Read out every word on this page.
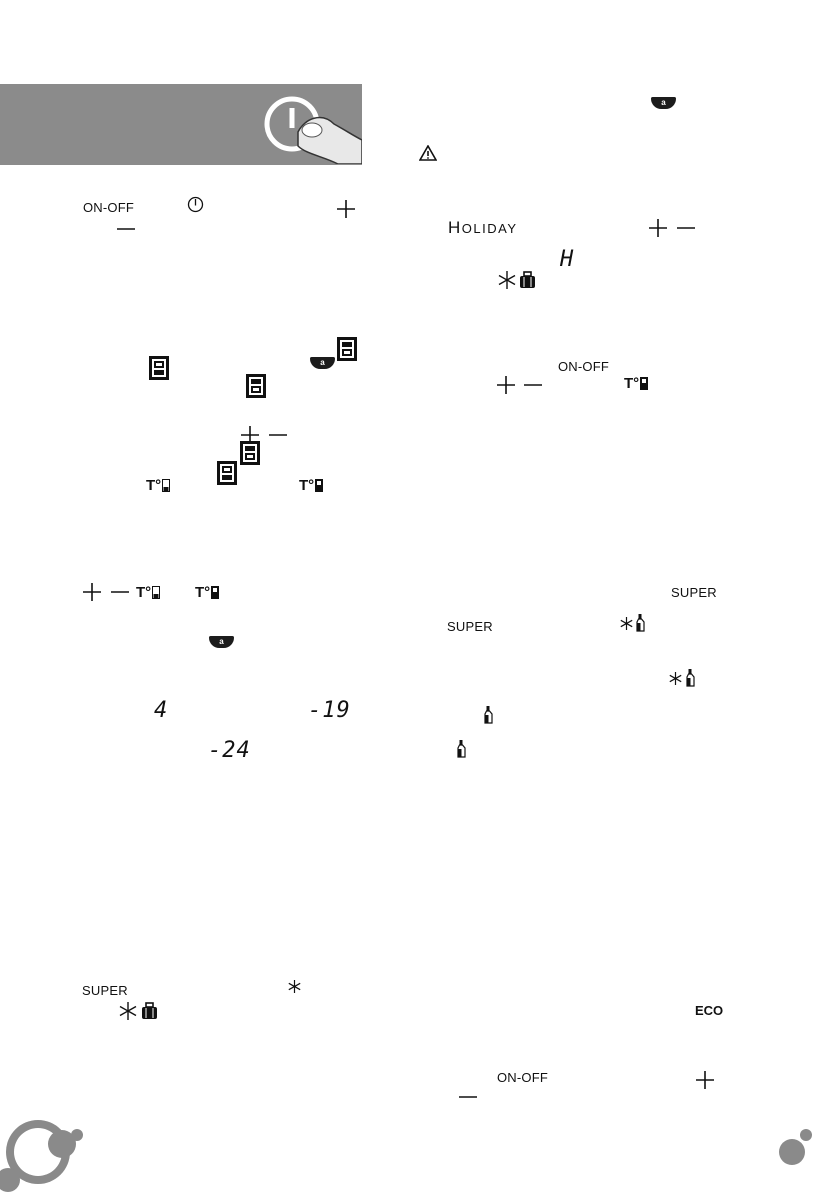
ON-OFF
a
T°	T°
T°	T°
a
4	-19
-24
SUPER
a
HOLIDAY
H
ON-OFF
T°
SUPER
SUPER
ECO
ON-OFF
